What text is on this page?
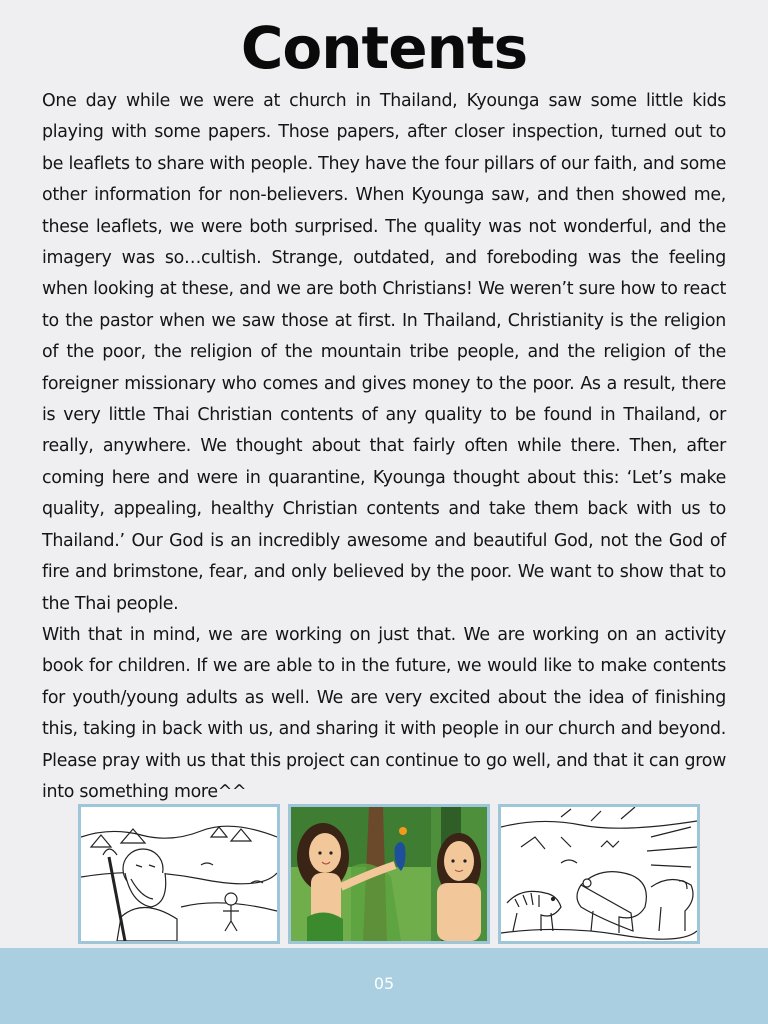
Contents

One day while we were at church in Thailand, Kyounga saw some little kids playing with some papers. Those papers, after closer inspection, turned out to be leaflets to share with people. They have the four pillars of our faith, and some other information for non-believers. When Kyounga saw, and then showed me, these leaflets, we were both surprised. The quality was not wonderful, and the imagery was so…cultish. Strange, outdated, and foreboding was the feeling when looking at these, and we are both Christians! We weren’t sure how to react to the pastor when we saw those at first. In Thailand, Christianity is the religion of the poor, the religion of the mountain tribe people, and the religion of the foreigner missionary who comes and gives money to the poor. As a result, there is very little Thai Christian contents of any quality to be found in Thailand, or really, anywhere. We thought about that fairly often while there. Then, after coming here and were in quarantine, Kyounga thought about this: ‘Let’s make quality, appealing, healthy Christian contents and take them back with us to Thailand.’ Our God is an incredibly awesome and beautiful God, not the God of fire and brimstone, fear, and only believed by the poor. We want to show that to the Thai people.

With that in mind, we are working on just that. We are working on an activity book for children. If we are able to in the future, we would like to make contents for youth/young adults as well. We are very excited about the idea of finishing this, taking in back with us, and sharing it with people in our church and beyond. Please pray with us that this project can continue to go well, and that it can grow into something more^^

05
